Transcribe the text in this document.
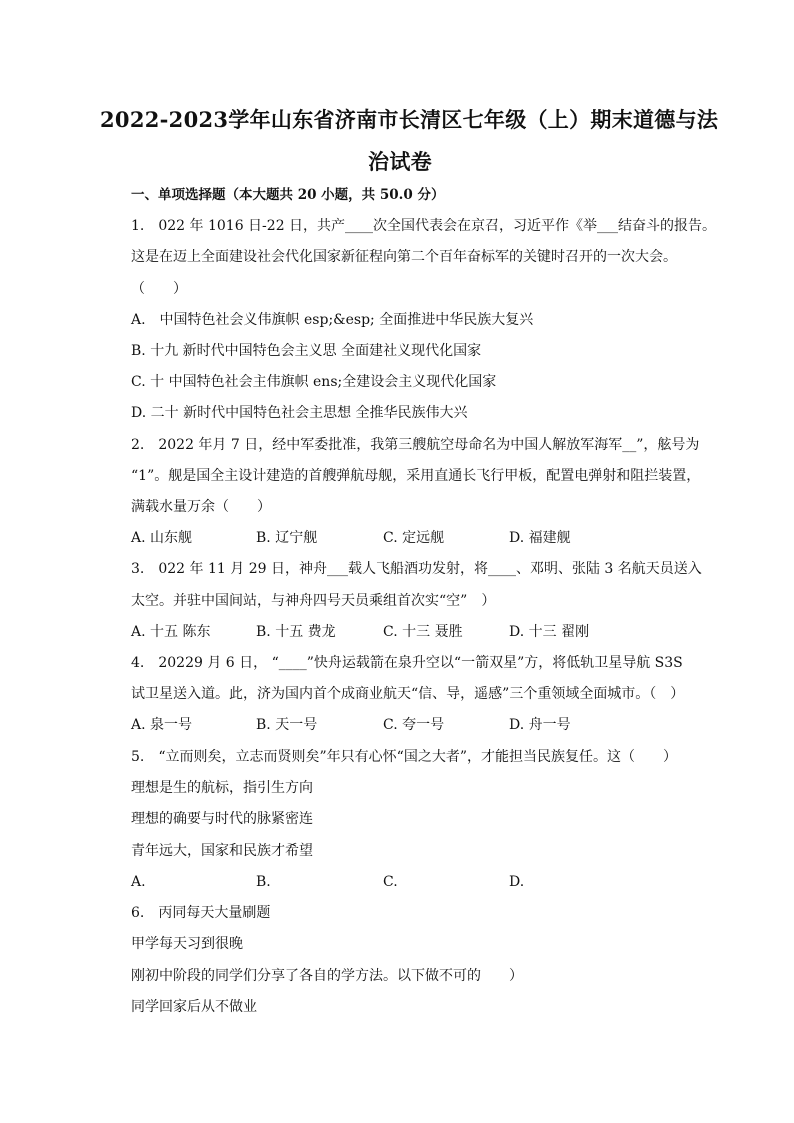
2022-2023学年山东省济南市长清区七年级（上）期末道德与法
治试卷
一、单项选择题（本大题共 20 小题，共 50.0 分）
1.　022 年 1016 日-22 日，共产____次全国代表会在京召，习近平作《举___结奋斗的报告。
这是在迈上全面建设社会代化国家新征程向第二个百年奋标军的关键时召开的一次大会。
（　　）
A.　中国特色社会义伟旗帜 esp;&esp; 全面推进中华民族大复兴
B. 十九 新时代中国特色会主义思 全面建社义现代化国家
C. 十 中国特色社会主伟旗帜 ens;全建设会主义现代化国家
D. 二十 新时代中国特色社会主思想 全推华民族伟大兴
2.　2022 年月 7 日，经中军委批准，我第三艘航空母命名为中国人解放军海军__”，舷号为
“1”。舰是国全主设计建造的首艘弹航母舰，采用直通长飞行甲板，配置电弹射和阻拦装置，
满载水量万余（　　）
A. 山东舰	B. 辽宁舰	C. 定远舰	D. 福建舰
3.　022 年 11 月 29 日，神舟___载人飞船酒功发射，将____、邓明、张陆 3 名航天员送入
太空。并驻中国间站，与神舟四号天员乘组首次实“空”　）
A. 十五 陈东	B. 十五 费龙	C. 十三 聂胜	D. 十三 翟刚
4.　20229 月 6 日， “____”快舟运载箭在泉升空以“一箭双星”方，将低轨卫星导航 S3S
试卫星送入道。此，济为国内首个成商业航天“信、导，遥感”三个重领域全面城市。（　）
A. 泉一号	B. 天一号	C. 夸一号	D. 舟一号
5.　“立而则矣，立志而贤则矣”年只有心怀“国之大者”，才能担当民族复任。这（　　）
理想是生的航标，指引生方向
理想的确要与时代的脉紧密连
青年远大，国家和民族才希望
A.	B.	C.	D.
6.　丙同每天大量刷题
甲学每天习到很晚
刚初中阶段的同学们分享了各自的学方法。以下做不可的　　）
同学回家后从不做业
